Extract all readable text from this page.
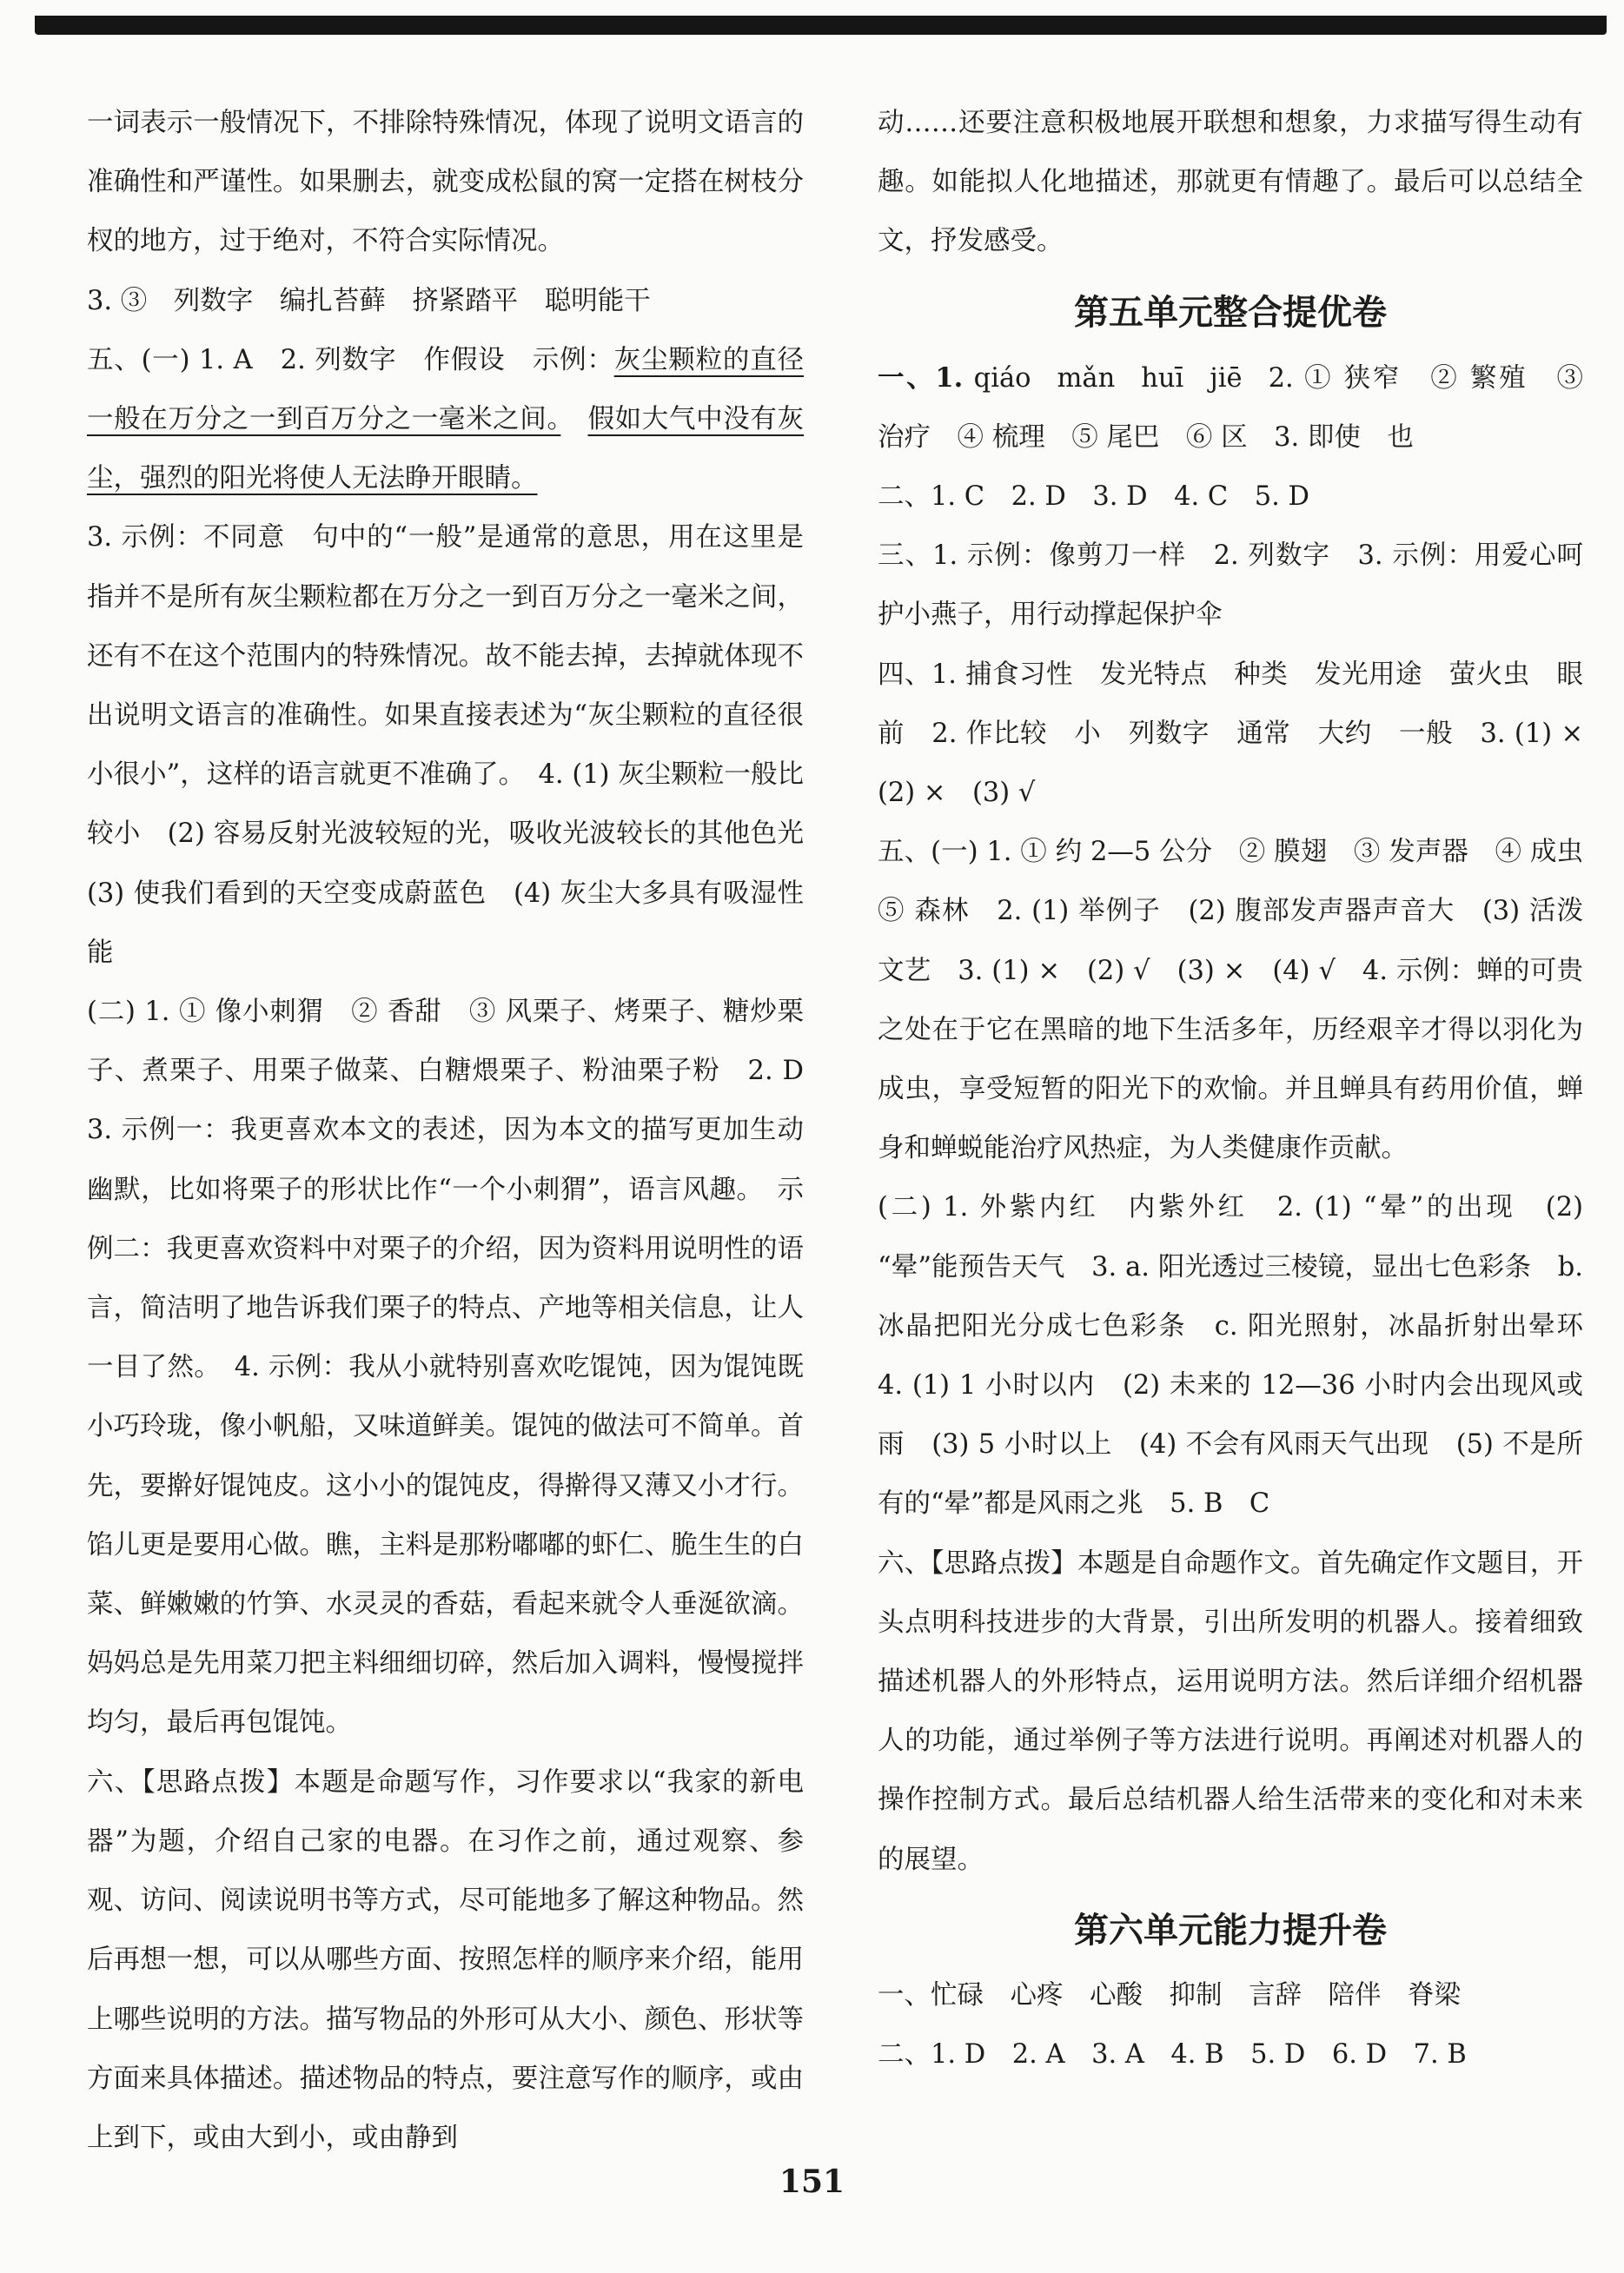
一词表示一般情况下，不排除特殊情况，体现了说明文语言的准确性和严谨性。如果删去，就变成松鼠的窝一定搭在树枝分杈的地方，过于绝对，不符合实际情况。

3. ③　列数字　编扎苔藓　挤紧踏平　聪明能干

五、(一) 1. A　2. 列数字　作假设　示例：灰尘颗粒的直径一般在万分之一到百万分之一毫米之间。　 假如大气中没有灰尘，强烈的阳光将使人无法睁开眼睛。

3. 示例：不同意　句中的“一般”是通常的意思，用在这里是指并不是所有灰尘颗粒都在万分之一到百万分之一毫米之间，还有不在这个范围内的特殊情况。故不能去掉，去掉就体现不出说明文语言的准确性。如果直接表述为“灰尘颗粒的直径很小很小”，这样的语言就更不准确了。　4. (1) 灰尘颗粒一般比较小　(2) 容易反射光波较短的光，吸收光波较长的其他色光　(3) 使我们看到的天空变成蔚蓝色　(4) 灰尘大多具有吸湿性能

(二) 1. ① 像小刺猬　② 香甜　③ 风栗子、烤栗子、糖炒栗子、煮栗子、用栗子做菜、白糖煨栗子、粉油栗子粉　2. D　3. 示例一：我更喜欢本文的表述，因为本文的描写更加生动幽默，比如将栗子的形状比作“一个小刺猬”，语言风趣。　示例二：我更喜欢资料中对栗子的介绍，因为资料用说明性的语言，简洁明了地告诉我们栗子的特点、产地等相关信息，让人一目了然。　4. 示例：我从小就特别喜欢吃馄饨，因为馄饨既小巧玲珑，像小帆船，又味道鲜美。馄饨的做法可不简单。首先，要擀好馄饨皮。这小小的馄饨皮，得擀得又薄又小才行。馅儿更是要用心做。瞧，主料是那粉嘟嘟的虾仁、脆生生的白菜、鲜嫩嫩的竹笋、水灵灵的香菇，看起来就令人垂涎欲滴。妈妈总是先用菜刀把主料细细切碎，然后加入调料，慢慢搅拌均匀，最后再包馄饨。

六、【思路点拨】本题是命题写作，习作要求以“我家的新电器”为题，介绍自己家的电器。在习作之前，通过观察、参观、访问、阅读说明书等方式，尽可能地多了解这种物品。然后再想一想，可以从哪些方面、按照怎样的顺序来介绍，能用上哪些说明的方法。描写物品的外形可从大小、颜色、形状等方面来具体描述。描述物品的特点，要注意写作的顺序，或由上到下，或由大到小，或由静到

动……还要注意积极地展开联想和想象，力求描写得生动有趣。如能拟人化地描述，那就更有情趣了。最后可以总结全文，抒发感受。

第五单元整合提优卷

一、1. qiáo mǎn huī jiē 2. ① 狭窄　② 繁殖　③ 治疗　④ 梳理　⑤ 尾巴　⑥ 区　3. 即使　也

二、1. C　2. D　3. D　4. C　5. D

三、1. 示例：像剪刀一样　2. 列数字　3. 示例：用爱心呵护小燕子，用行动撑起保护伞

四、1. 捕食习性　发光特点　种类　发光用途　萤火虫　眼前　2. 作比较　小　列数字　通常　大约　一般　3. (1) ×　(2) ×　(3) √

五、(一) 1. ① 约 2—5 公分　② 膜翅　③ 发声器　④ 成虫　⑤ 森林　2. (1) 举例子　(2) 腹部发声器声音大　(3) 活泼文艺　3. (1) ×　(2) √　(3) ×　(4) √　4. 示例：蝉的可贵之处在于它在黑暗的地下生活多年，历经艰辛才得以羽化为成虫，享受短暂的阳光下的欢愉。并且蝉具有药用价值，蝉身和蝉蜕能治疗风热症，为人类健康作贡献。

(二) 1. 外紫内红　内紫外红　2. (1) “晕”的出现　(2) “晕”能预告天气　3. a. 阳光透过三棱镜，显出七色彩条　b. 冰晶把阳光分成七色彩条　c. 阳光照射，冰晶折射出晕环　4. (1) 1 小时以内　(2) 未来的 12—36 小时内会出现风或雨　(3) 5 小时以上　(4) 不会有风雨天气出现　(5) 不是所有的“晕”都是风雨之兆　5. B　C

六、【思路点拨】本题是自命题作文。首先确定作文题目，开头点明科技进步的大背景，引出所发明的机器人。接着细致描述机器人的外形特点，运用说明方法。然后详细介绍机器人的功能，通过举例子等方法进行说明。再阐述对机器人的操作控制方式。最后总结机器人给生活带来的变化和对未来的展望。

第六单元能力提升卷

一、忙碌　心疼　心酸　抑制　言辞　陪伴　脊梁

二、1. D　2. A　3. A　4. B　5. D　6. D　7. B

151
